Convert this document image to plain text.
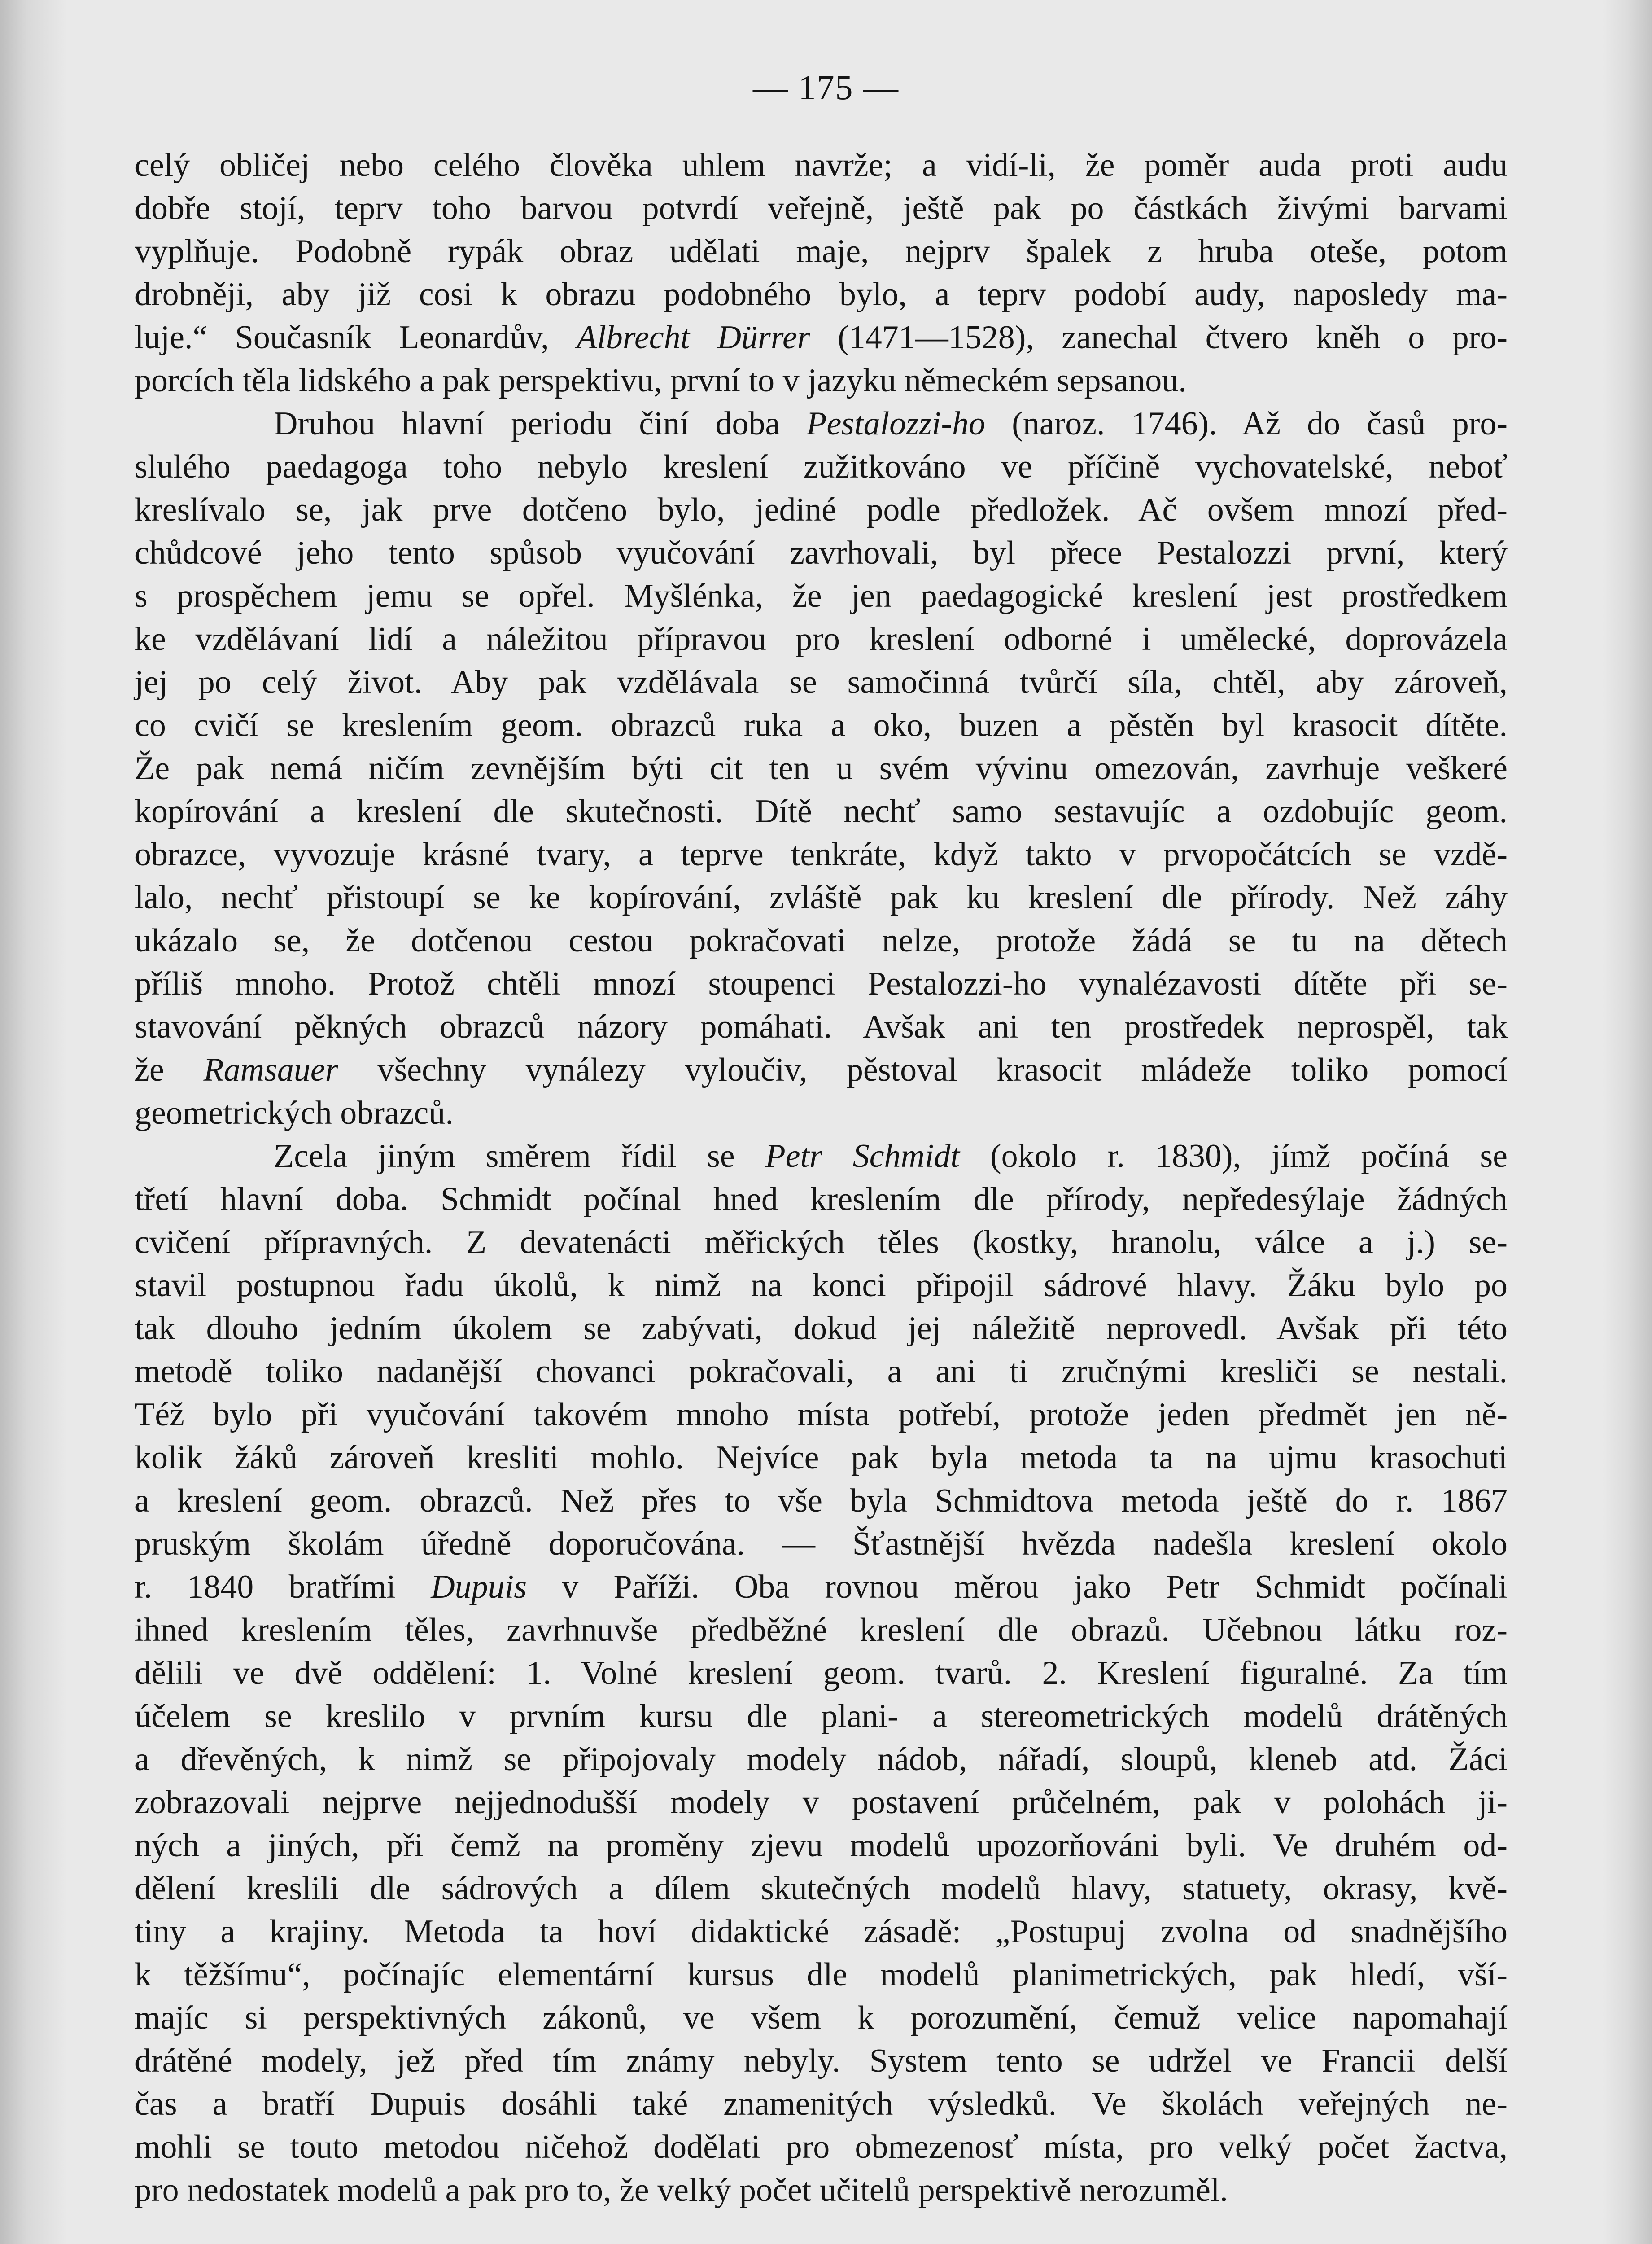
— 175 —
celý obličej nebo celého člověka uhlem navrže; a vidí-li, že poměr auda proti audu
dobře stojí, teprv toho barvou potvrdí veřejně, ještě pak po částkách živými barvami
vyplňuje. Podobně rypák obraz udělati maje, nejprv špalek z hruba oteše, potom
drobněji, aby již cosi k obrazu podobného bylo, a teprv podobí audy, naposledy ma-
luje.“ Současník Leonardův, Albrecht Dürrer (1471—1528), zanechal čtvero kněh o pro-
porcích těla lidského a pak perspektivu, první to v jazyku německém sepsanou.
Druhou hlavní periodu činí doba Pestalozzi-ho (naroz. 1746). Až do časů pro-
slulého paedagoga toho nebylo kreslení zužitkováno ve příčině vychovatelské, neboť
kreslívalo se, jak prve dotčeno bylo, jediné podle předložek. Ač ovšem mnozí před-
chůdcové jeho tento spůsob vyučování zavrhovali, byl přece Pestalozzi první, který
s prospěchem jemu se opřel. Myšlénka, že jen paedagogické kreslení jest prostředkem
ke vzdělávaní lidí a náležitou přípravou pro kreslení odborné i umělecké, doprovázela
jej po celý život. Aby pak vzdělávala se samočinná tvůrčí síla, chtěl, aby zároveň,
co cvičí se kreslením geom. obrazců ruka a oko, buzen a pěstěn byl krasocit dítěte.
Že pak nemá ničím zevnějším býti cit ten u svém vývinu omezován, zavrhuje veškeré
kopírování a kreslení dle skutečnosti. Dítě nechť samo sestavujíc a ozdobujíc geom.
obrazce, vyvozuje krásné tvary, a teprve tenkráte, když takto v prvopočátcích se vzdě-
lalo, nechť přistoupí se ke kopírování, zvláště pak ku kreslení dle přírody. Než záhy
ukázalo se, že dotčenou cestou pokračovati nelze, protože žádá se tu na dětech
příliš mnoho. Protož chtěli mnozí stoupenci Pestalozzi-ho vynalézavosti dítěte při se-
stavování pěkných obrazců názory pomáhati. Avšak ani ten prostředek neprospěl, tak
že Ramsauer všechny vynálezy vyloučiv, pěstoval krasocit mládeže toliko pomocí
geometrických obrazců.
Zcela jiným směrem řídil se Petr Schmidt (okolo r. 1830), jímž počíná se
třetí hlavní doba. Schmidt počínal hned kreslením dle přírody, nepředesýlaje žádných
cvičení přípravných. Z devatenácti měřických těles (kostky, hranolu, válce a j.) se-
stavil postupnou řadu úkolů, k nimž na konci připojil sádrové hlavy. Žáku bylo po
tak dlouho jedním úkolem se zabývati, dokud jej náležitě neprovedl. Avšak při této
metodě toliko nadanější chovanci pokračovali, a ani ti zručnými kresliči se nestali.
Též bylo při vyučování takovém mnoho místa potřebí, protože jeden předmět jen ně-
kolik žáků zároveň kresliti mohlo. Nejvíce pak byla metoda ta na ujmu krasochuti
a kreslení geom. obrazců. Než přes to vše byla Schmidtova metoda ještě do r. 1867
pruským školám úředně doporučována. — Šťastnější hvězda nadešla kreslení okolo
r. 1840 bratřími Dupuis v Paříži. Oba rovnou měrou jako Petr Schmidt počínali
ihned kreslením těles, zavrhnuvše předběžné kreslení dle obrazů. Učebnou látku roz-
dělili ve dvě oddělení: 1. Volné kreslení geom. tvarů. 2. Kreslení figuralné. Za tím
účelem se kreslilo v prvním kursu dle plani- a stereometrických modelů drátěných
a dřevěných, k nimž se připojovaly modely nádob, nářadí, sloupů, kleneb atd. Žáci
zobrazovali nejprve nejjednodušší modely v postavení průčelném, pak v polohách ji-
ných a jiných, při čemž na proměny zjevu modelů upozorňováni byli. Ve druhém od-
dělení kreslili dle sádrových a dílem skutečných modelů hlavy, statuety, okrasy, kvě-
tiny a krajiny. Metoda ta hoví didaktické zásadě: „Postupuj zvolna od snadnějšího
k těžšímu“, počínajíc elementární kursus dle modelů planimetrických, pak hledí, vší-
majíc si perspektivných zákonů, ve všem k porozumění, čemuž velice napomahají
drátěné modely, jež před tím známy nebyly. System tento se udržel ve Francii delší
čas a bratří Dupuis dosáhli také znamenitých výsledků. Ve školách veřejných ne-
mohli se toutο metodou ničehož dodělati pro obmezenosť místa, pro velký počet žactva,
pro nedostatek modelů a pak pro to, že velký počet učitelů perspektivě nerozuměl.
